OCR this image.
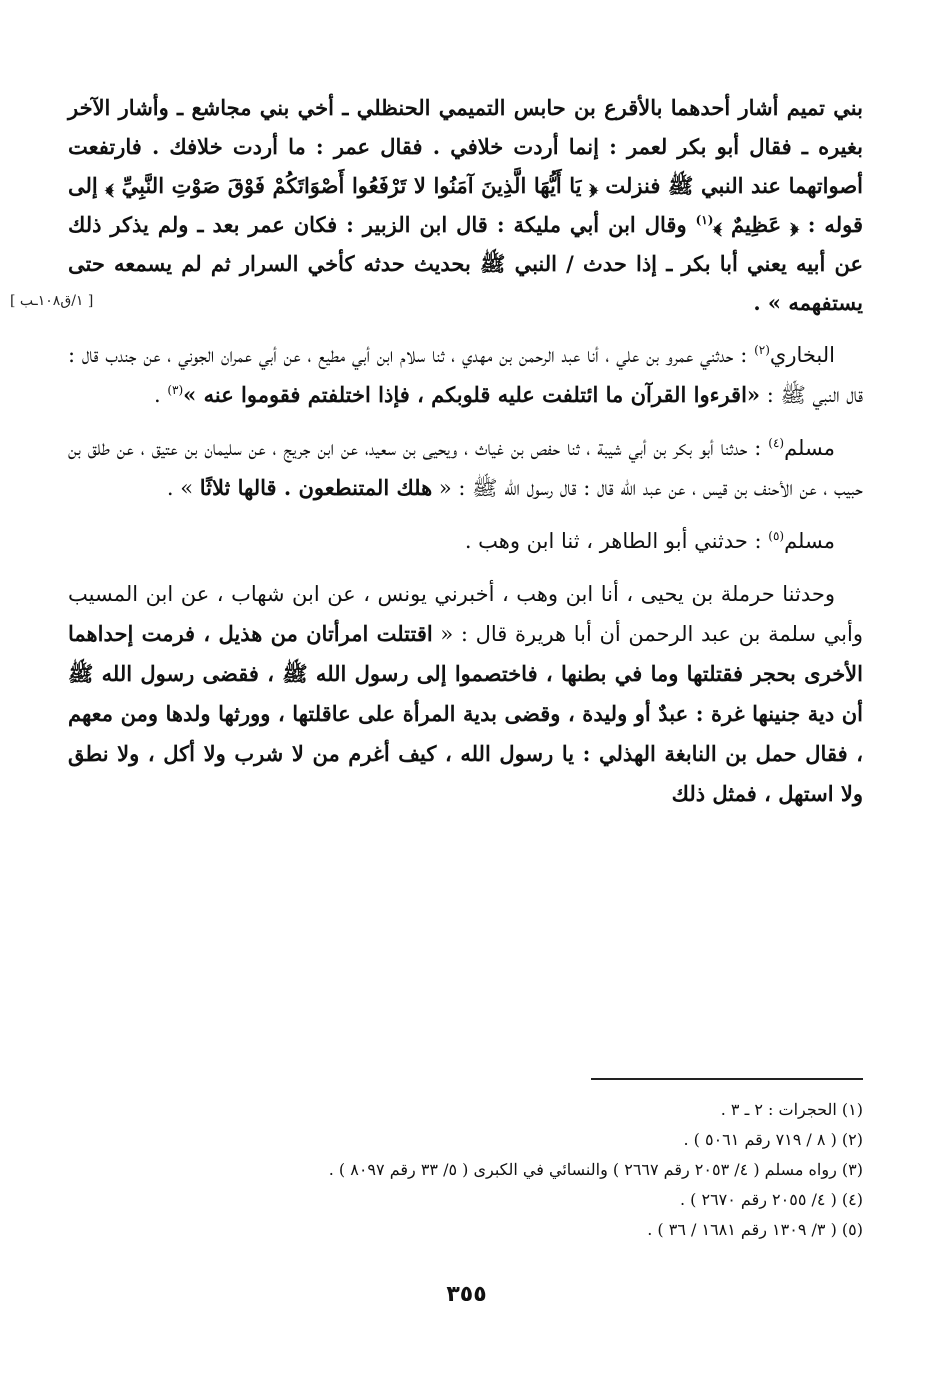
بني تميم أشار أحدهما بالأقرع بن حابس التميمي الحنظلي ـ أخي بني مجاشع ـ وأشار الآخر بغيره ـ فقال أبو بكر لعمر : إنما أردت خلافي . فقال عمر : ما أردت خلافك . فارتفعت أصواتهما عند النبي ﷺ فنزلت ﴿ يَا أَيُّهَا الَّذِينَ آمَنُوا لا تَرْفَعُوا أَصْوَاتَكُمْ فَوْقَ صَوْتِ النَّبِيِّ ﴾ إلى قوله : ﴿ عَظِيمٌ ﴾$^{(١)}$ وقال ابن أبي مليكة : قال ابن الزبير : فكان عمر بعد ـ ولم يذكر ذلك عن أبيه يعني أبا بكر ـ إذا حدث / النبي ﷺ بحديث حدثه كأخي السرار ثم لم يسمعه حتى يستفهمه » .

البخاري$^{(٢)}$ : حدثني عمرو بن علي ، أنا عبد الرحمن بن مهدي ، ثنا سلام ابن أبي مطيع ، عن أبي عمران الجوني ، عن جندب قال : قال النبي ﷺ : «اقرءوا القرآن ما ائتلفت عليه قلوبكم ، فإذا اختلفتم فقوموا عنه »$^{(٣)}$ .

مسلم$^{(٤)}$ : حدثنا أبو بكر بن أبي شيبة ، ثنا حفص بن غياث ، ويحيى بن سعيد، عن ابن جريج ، عن سليمان بن عتيق ، عن طلق بن حبيب ، عن الأحنف بن قيس ، عن عبد الله قال : قال رسول الله ﷺ : « هلك المتنطعون . قالها ثلاثًا » .

مسلم$^{(٥)}$ : حدثني أبو الطاهر ، ثنا ابن وهب .

وحدثنا حرملة بن يحيى ، أنا ابن وهب ، أخبرني يونس ، عن ابن شهاب ، عن ابن المسيب وأبي سلمة بن عبد الرحمن أن أبا هريرة قال : « اقتتلت امرأتان من هذيل ، فرمت إحداهما الأخرى بحجر فقتلتها وما في بطنها ، فاختصموا إلى رسول الله ﷺ ، فقضى رسول الله ﷺ أن دية جنينها غرة : عبدٌ أو وليدة ، وقضى بدية المرأة على عاقلتها ، وورثها ولدها ومن معهم ، فقال حمل بن النابغة الهذلي : يا رسول الله ، كيف أغرم من لا شرب ولا أكل ، ولا نطق ولا استهل ، فمثل ذلك

[ ١/ق١٠٨ـب ]

(١) الحجرات : ٢ ـ ٣ .

(٢) ( ٨ / ٧١٩ رقم ٥٠٦١ ) .

(٣) رواه مسلم ( ٤/ ٢٠٥٣ رقم ٢٦٦٧ ) والنسائي في الكبرى ( ٥/ ٣٣ رقم ٨٠٩٧ ) .

(٤) ( ٤/ ٢٠٥٥ رقم ٢٦٧٠ ) .

(٥) ( ٣/ ١٣٠٩ رقم ١٦٨١ / ٣٦ ) .

٣٥٥
